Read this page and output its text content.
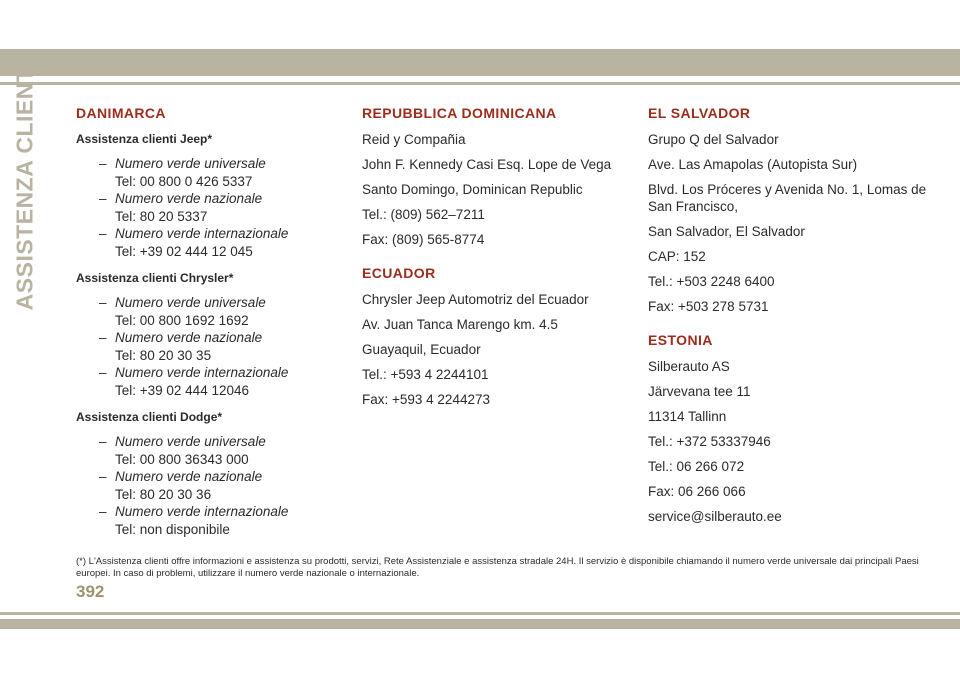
ASSISTENZA CLIENTI	DANIMARCA
Assistenza clienti Jeep*
– Numero verde universale
Tel: 00 800 0 426 5337
– Numero verde nazionale
Tel: 80 20 5337
– Numero verde internazionale
Tel: +39 02 444 12 045
Assistenza clienti Chrysler*
– Numero verde universale
Tel: 00 800 1692 1692
– Numero verde nazionale
Tel: 80 20 30 35
– Numero verde internazionale
Tel: +39 02 444 12046
Assistenza clienti Dodge*
– Numero verde universale
Tel: 00 800 36343 000
– Numero verde nazionale
Tel: 80 20 30 36
– Numero verde internazionale
Tel: non disponibile
REPUBBLICA DOMINICANA
Reid y Compañia
John F. Kennedy Casi Esq. Lope de Vega
Santo Domingo, Dominican Republic
Tel.: (809) 562–7211
Fax: (809) 565-8774
ECUADOR
Chrysler Jeep Automotriz del Ecuador
Av. Juan Tanca Marengo km. 4.5
Guayaquil, Ecuador
Tel.: +593 4 2244101
Fax: +593 4 2244273
EL SALVADOR
Grupo Q del Salvador
Ave. Las Amapolas (Autopista Sur)
Blvd. Los Próceres y Avenida No. 1, Lomas de San Francisco,
San Salvador, El Salvador
CAP: 152
Tel.: +503 2248 6400
Fax: +503 278 5731
ESTONIA
Silberauto AS
Järvevana tee 11
11314 Tallinn
Tel.: +372 53337946
Tel.: 06 266 072
Fax: 06 266 066
service@silberauto.ee
(*) L'Assistenza clienti offre informazioni e assistenza su prodotti, servizi, Rete Assistenziale e assistenza stradale 24H. Il servizio è disponibile chiamando il numero verde universale dai principali Paesi europei. In caso di problemi, utilizzare il numero verde nazionale o internazionale.
392
